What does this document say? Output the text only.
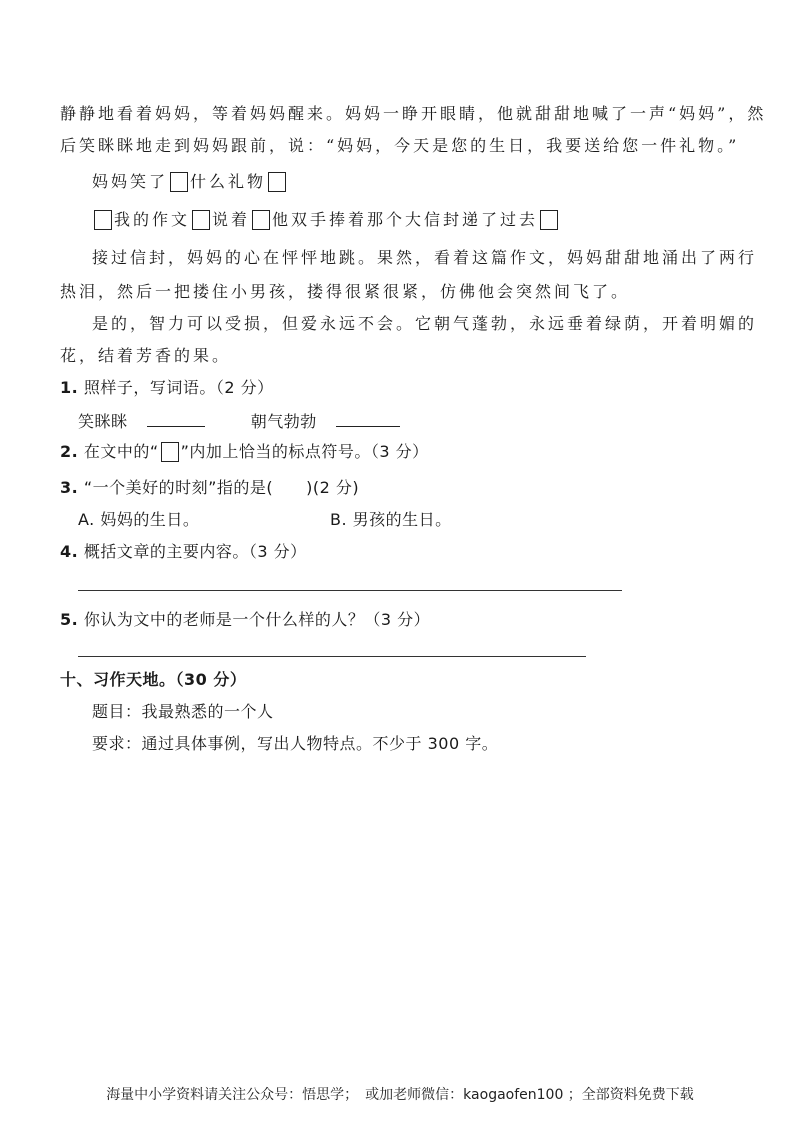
静静地看着妈妈，等着妈妈醒来。妈妈一睁开眼睛，他就甜甜地喊了一声“妈妈”，然
后笑眯眯地走到妈妈跟前，说：“妈妈，今天是您的生日，我要送给您一件礼物。”
妈妈笑了 什么礼物
我的作文 说着 他双手捧着那个大信封递了过去
接过信封，妈妈的心在怦怦地跳。果然，看着这篇作文，妈妈甜甜地涌出了两行
热泪，然后一把搂住小男孩，搂得很紧很紧，仿佛他会突然间飞了。
是的，智力可以受损，但爱永远不会。它朝气蓬勃，永远垂着绿荫，开着明媚的
花，结着芳香的果。
1. 照样子，写词语。（2 分）
笑眯眯	朝气勃勃
2. 在文中的“ ”内加上恰当的标点符号。（3 分）
3. “一个美好的时刻”指的是(　　)(2 分)
A. 妈妈的生日。	B. 男孩的生日。
4. 概括文章的主要内容。（3 分）
5. 你认为文中的老师是一个什么样的人？（3 分）
十、习作天地。（30 分）
题目：我最熟悉的一个人
要求：通过具体事例，写出人物特点。不少于 300 字。
海量中小学资料请关注公众号：悟思学；　或加老师微信：kaogaofen100 ；全部资料免费下载
